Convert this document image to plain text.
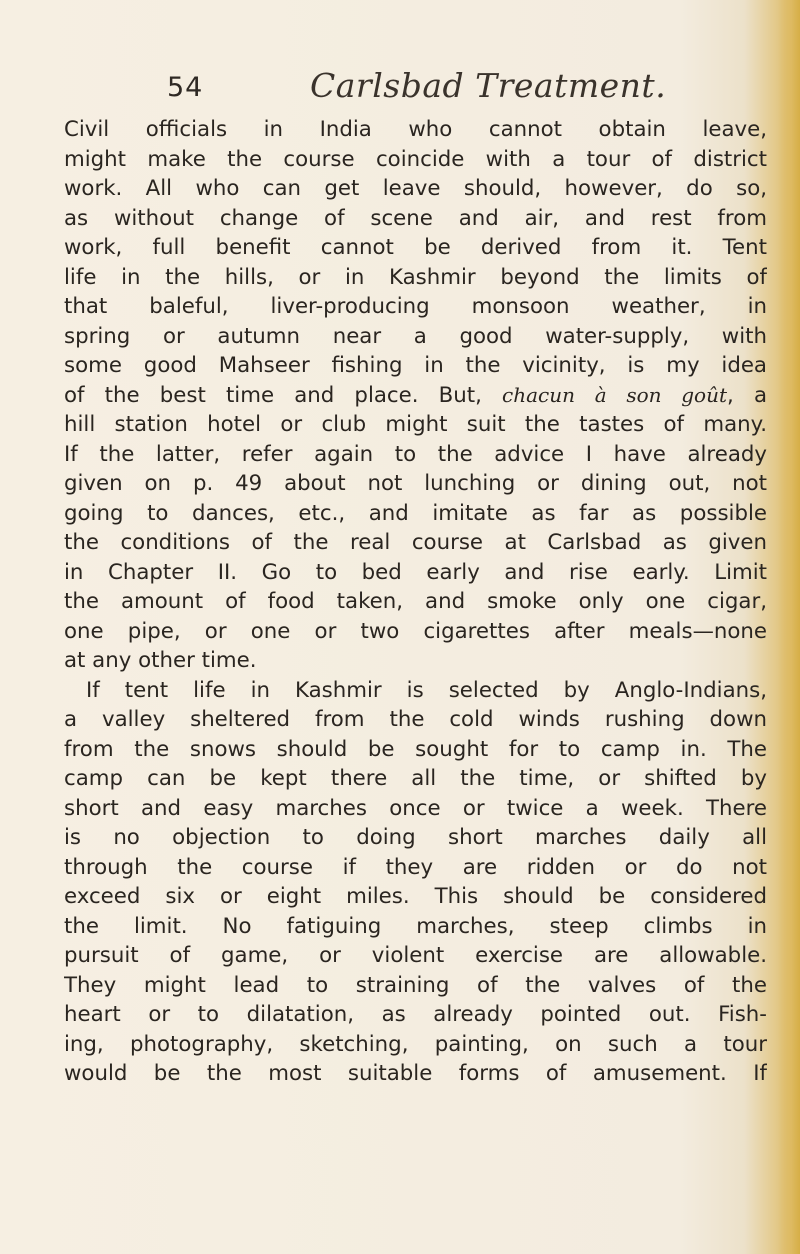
54	Carlsbad Treatment.
Civil officials in India who cannot obtain leave,
might make the course coincide with a tour of district
work. All who can get leave should, however, do so,
as without change of scene and air, and rest from
work, full benefit cannot be derived from it. Tent
life in the hills, or in Kashmir beyond the limits of
that baleful, liver-producing monsoon weather, in
spring or autumn near a good water-supply, with
some good Mahseer fishing in the vicinity, is my idea
of the best time and place. But, chacun à son goût, a
hill station hotel or club might suit the tastes of many.
If the latter, refer again to the advice I have already
given on p. 49 about not lunching or dining out, not
going to dances, etc., and imitate as far as possible
the conditions of the real course at Carlsbad as given
in Chapter II. Go to bed early and rise early. Limit
the amount of food taken, and smoke only one cigar,
one pipe, or one or two cigarettes after meals—none
at any other time.
If tent life in Kashmir is selected by Anglo-Indians,
a valley sheltered from the cold winds rushing down
from the snows should be sought for to camp in. The
camp can be kept there all the time, or shifted by
short and easy marches once or twice a week. There
is no objection to doing short marches daily all
through the course if they are ridden or do not
exceed six or eight miles. This should be considered
the limit. No fatiguing marches, steep climbs in
pursuit of game, or violent exercise are allowable.
They might lead to straining of the valves of the
heart or to dilatation, as already pointed out. Fish-
ing, photography, sketching, painting, on such a tour
would be the most suitable forms of amusement. If
